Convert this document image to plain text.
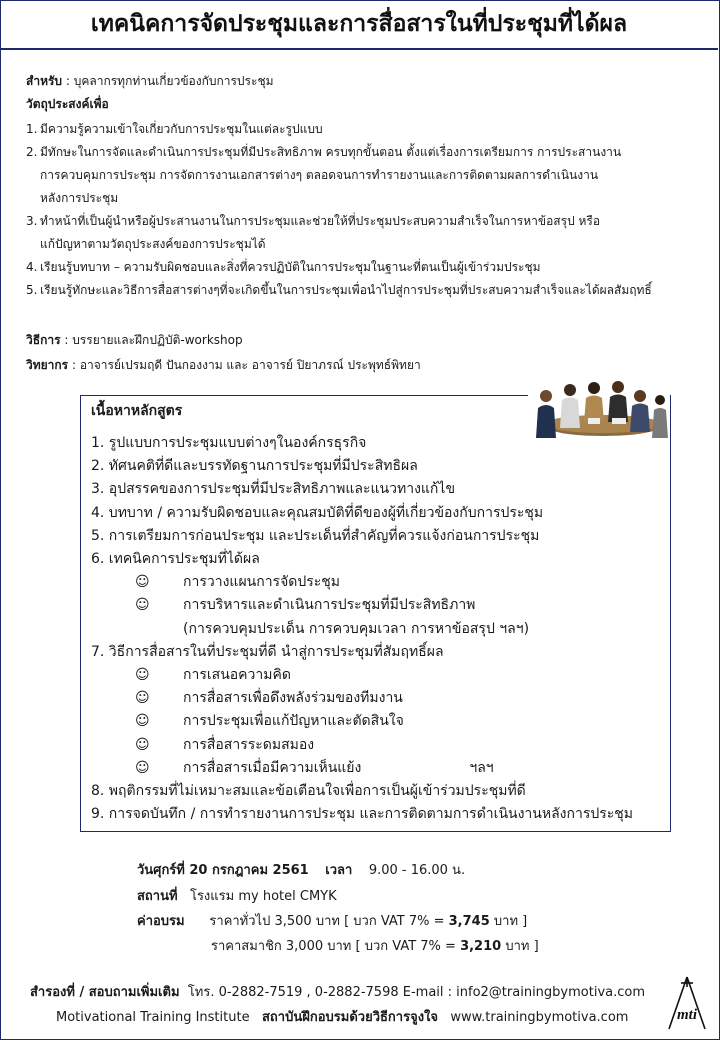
เทคนิคการจัดประชุมและการสื่อสารในที่ประชุมที่ได้ผล
สำหรับ : บุคลากรทุกท่านเกี่ยวข้องกับการประชุม
วัตถุประสงค์เพื่อ
1. มีความรู้ความเข้าใจเกี่ยวกับการประชุมในแต่ละรูปแบบ
2. มีทักษะในการจัดและดำเนินการประชุมที่มีประสิทธิภาพ ครบทุกขั้นตอน ตั้งแต่เรื่องการเตรียมการ การประสานงาน
การควบคุมการประชุม การจัดการงานเอกสารต่างๆ ตลอดจนการทำรายงานและการติดตามผลการดำเนินงาน
หลังการประชุม
3. ทำหน้าที่เป็นผู้นำหรือผู้ประสานงานในการประชุมและช่วยให้ที่ประชุมประสบความสำเร็จในการหาข้อสรุป หรือ
แก้ปัญหาตามวัตถุประสงค์ของการประชุมได้
4. เรียนรู้บทบาท – ความรับผิดชอบและสิ่งที่ควรปฏิบัติในการประชุมในฐานะที่ตนเป็นผู้เข้าร่วมประชุม
5. เรียนรู้ทักษะและวิธีการสื่อสารต่างๆที่จะเกิดขึ้นในการประชุมเพื่อนำไปสู่การประชุมที่ประสบความสำเร็จและได้ผลสัมฤทธิ์
วิธีการ : บรรยายและฝึกปฏิบัติ-workshop
วิทยากร : อาจารย์เปรมฤดี ปันกองงาม และ อาจารย์ ปิยาภรณ์ ประพุทธ์พิทยา
เนื้อหาหลักสูตร
1. รูปแบบการประชุมแบบต่างๆในองค์กรธุรกิจ
2. ทัศนคติที่ดีและบรรทัดฐานการประชุมที่มีประสิทธิผล
3. อุปสรรคของการประชุมที่มีประสิทธิภาพและแนวทางแก้ไข
4. บทบาท / ความรับผิดชอบและคุณสมบัติที่ดีของผู้ที่เกี่ยวข้องกับการประชุม
5. การเตรียมการก่อนประชุม และประเด็นที่สำคัญที่ควรแจ้งก่อนการประชุม
6. เทคนิคการประชุมที่ได้ผล
☺	การวางแผนการจัดประชุม
☺	การบริหารและดำเนินการประชุมที่มีประสิทธิภาพ
(การควบคุมประเด็น การควบคุมเวลา การหาข้อสรุป ฯลฯ)
7. วิธีการสื่อสารในที่ประชุมที่ดี นำสู่การประชุมที่สัมฤทธิ์ผล
☺	การเสนอความคิด
☺	การสื่อสารเพื่อดึงพลังร่วมของทีมงาน
☺	การประชุมเพื่อแก้ปัญหาและตัดสินใจ
☺	การสื่อสารระดมสมอง
☺	การสื่อสารเมื่อมีความเห็นแย้ง	ฯลฯ
8. พฤติกรรมที่ไม่เหมาะสมและข้อเตือนใจเพื่อการเป็นผู้เข้าร่วมประชุมที่ดี
9. การจดบันทึก / การทำรายงานการประชุม และการติดตามการดำเนินงานหลังการประชุม
วันศุกร์ที่ 20 กรกฎาคม 2561 เวลา 9.00 - 16.00 น.
สถานที่ โรงแรม my hotel CMYK
ค่าอบรม ราคาทั่วไป 3,500 บาท [ บวก VAT 7% = 3,745 บาท ]
ราคาสมาชิก 3,000 บาท [ บวก VAT 7% = 3,210 บาท ]
สำรองที่ / สอบถามเพิ่มเติม โทร. 0-2882-7519 , 0-2882-7598 E-mail : info2@trainingbymotiva.com
Motivational Training Institute สถาบันฝึกอบรมด้วยวิธีการจูงใจ www.trainingbymotiva.com	mti
